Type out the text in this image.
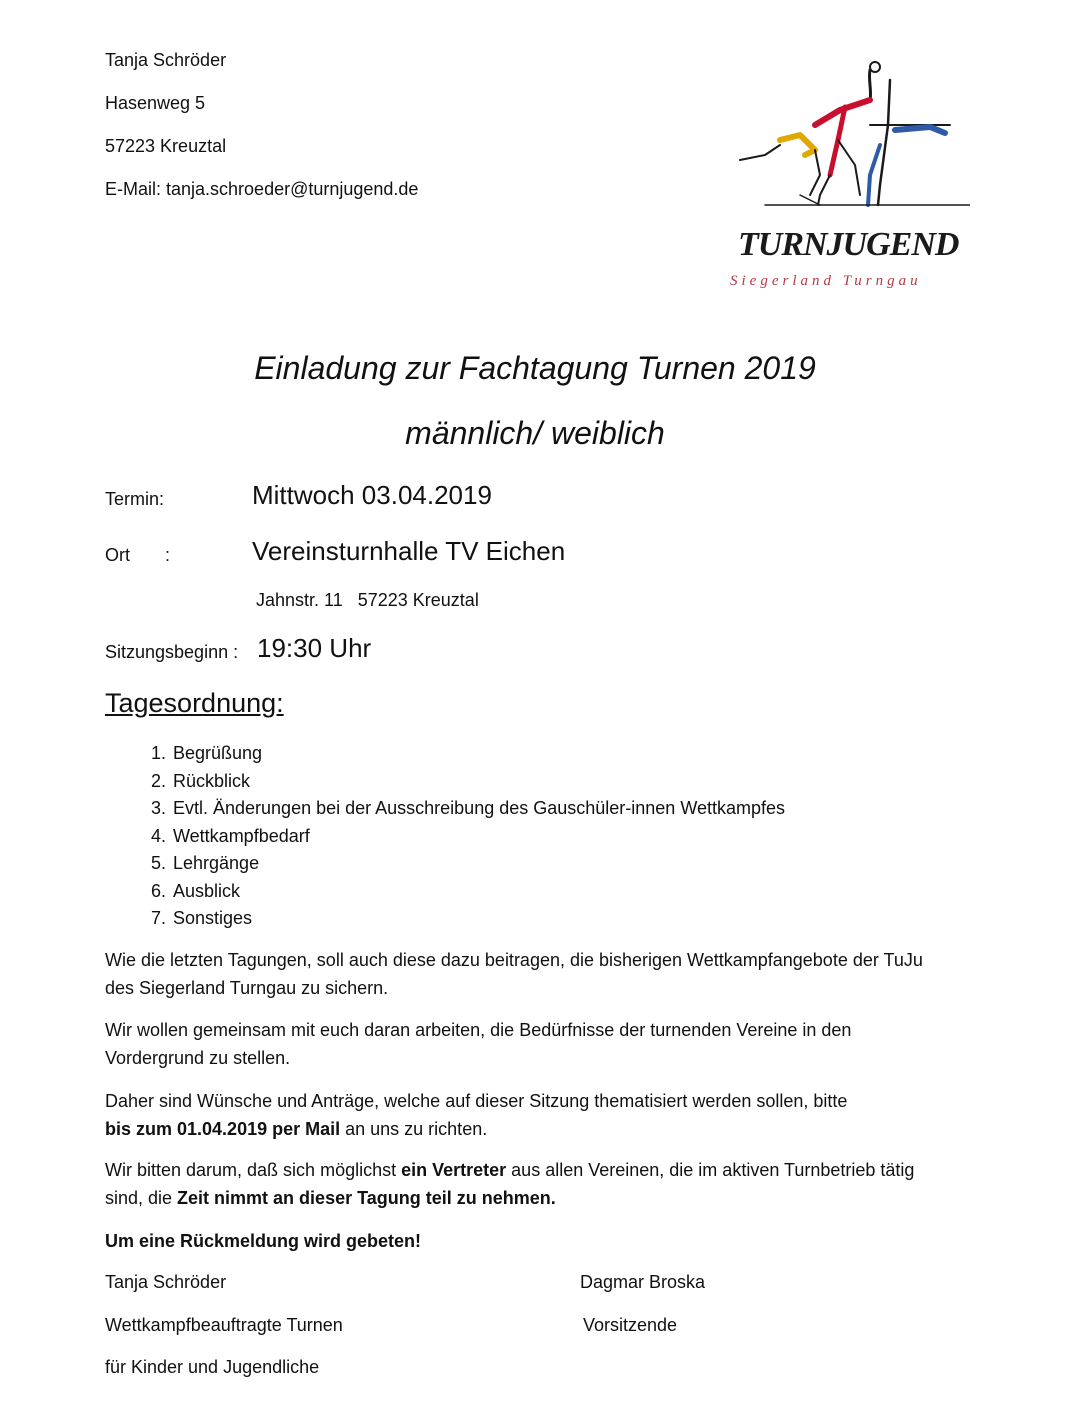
Tanja Schröder

Hasenweg 5

57223 Kreuztal

E-Mail: tanja.schroeder@turnjugend.de

TURNJUGEND
Siegerland Turngau
Einladung zur Fachtagung Turnen 2019
männlich/ weiblich

Termin:	Mittwoch 03.04.2019

Ort :	Vereinsturnhalle TV Eichen

Jahnstr. 11   57223 Kreuztal

Sitzungsbeginn : 19:30 Uhr

Tagesordnung:

1. Begrüßung
2. Rückblick
3. Evtl. Änderungen bei der Ausschreibung des Gauschüler-innen Wettkampfes
4. Wettkampfbedarf
5. Lehrgänge
6. Ausblick
7. Sonstiges

Wie die letzten Tagungen, soll auch diese dazu beitragen, die bisherigen Wettkampfangebote der TuJu des Siegerland Turngau zu sichern.

Wir wollen gemeinsam mit euch daran arbeiten, die Bedürfnisse der turnenden Vereine in den Vordergrund zu stellen.

Daher sind Wünsche und Anträge, welche auf dieser Sitzung thematisiert werden sollen, bitte
bis zum 01.04.2019 per Mail an uns zu richten.

Wir bitten darum, daß sich möglichst ein Vertreter aus allen Vereinen, die im aktiven Turnbetrieb tätig sind, die Zeit nimmt an dieser Tagung teil zu nehmen.

Um eine Rückmeldung wird gebeten!

Tanja Schröder	Dagmar Broska

Wettkampfbeauftragte Turnen	Vorsitzende

für Kinder und Jugendliche
